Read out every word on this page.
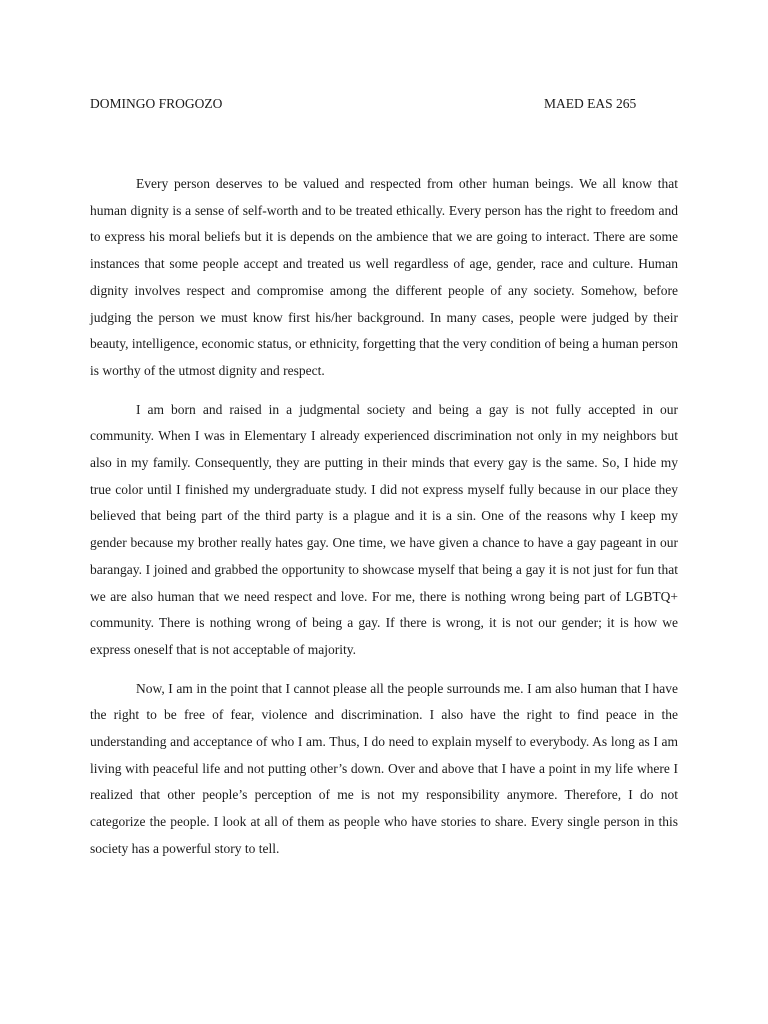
DOMINGO FROGOZO	MAED EAS 265

Every person deserves to be valued and respected from other human beings. We all know that human dignity is a sense of self-worth and to be treated ethically. Every person has the right to freedom and to express his moral beliefs but it is depends on the ambience that we are going to interact. There are some instances that some people accept and treated us well regardless of age, gender, race and culture. Human dignity involves respect and compromise among the different people of any society. Somehow, before judging the person we must know first his/her background. In many cases, people were judged by their beauty, intelligence, economic status, or ethnicity, forgetting that the very condition of being a human person is worthy of the utmost dignity and respect.

I am born and raised in a judgmental society and being a gay is not fully accepted in our community. When I was in Elementary I already experienced discrimination not only in my neighbors but also in my family. Consequently, they are putting in their minds that every gay is the same. So, I hide my true color until I finished my undergraduate study. I did not express myself fully because in our place they believed that being part of the third party is a plague and it is a sin. One of the reasons why I keep my gender because my brother really hates gay. One time, we have given a chance to have a gay pageant in our barangay. I joined and grabbed the opportunity to showcase myself that being a gay it is not just for fun that we are also human that we need respect and love. For me, there is nothing wrong being part of LGBTQ+ community. There is nothing wrong of being a gay. If there is wrong, it is not our gender; it is how we express oneself that is not acceptable of majority.

Now, I am in the point that I cannot please all the people surrounds me. I am also human that I have the right to be free of fear, violence and discrimination. I also have the right to find peace in the understanding and acceptance of who I am. Thus, I do need to explain myself to everybody. As long as I am living with peaceful life and not putting other’s down. Over and above that I have a point in my life where I realized that other people’s perception of me is not my responsibility anymore. Therefore, I do not categorize the people. I look at all of them as people who have stories to share. Every single person in this society has a powerful story to tell.
